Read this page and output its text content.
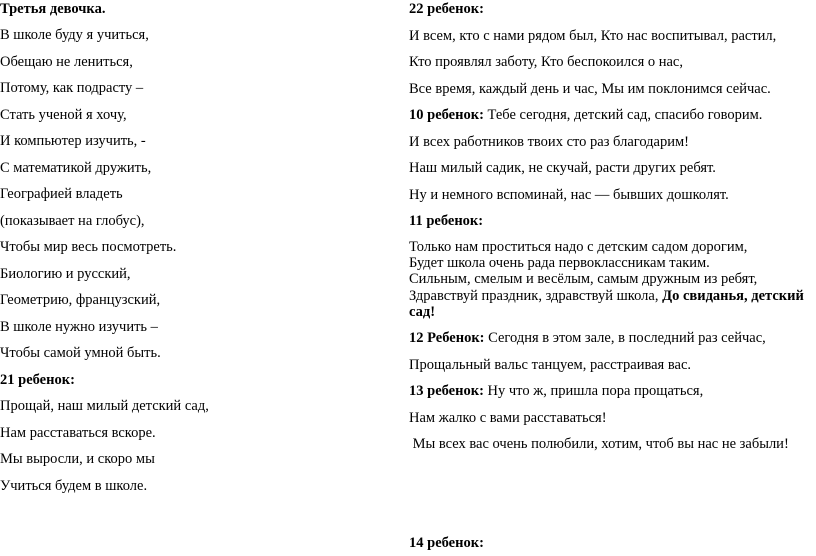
Третья девочка.
В школе буду я учиться,
Обещаю не лениться,
Потому, как подрасту –
Стать ученой я хочу,
И компьютер изучить, -
С математикой дружить,
Географией владеть
(показывает на глобус),
Чтобы мир весь посмотреть.
Биологию и русский,
Геометрию, французский,
В школе нужно изучить –
Чтобы самой умной быть.
21 ребенок:
Прощай, наш милый детский сад,
Нам расставаться вскоре.
Мы выросли, и скоро мы
Учиться будем в школе.
22 ребенок:
И всем, кто с нами рядом был, Кто нас воспитывал, растил,
Кто проявлял заботу, Кто беспокоился о нас,
Все время, каждый день и час, Мы им поклонимся сейчас.
10 ребенок: Тебе сегодня, детский сад, спасибо говорим.
И всех работников твоих сто раз благодарим!
Наш милый садик, не скучай, расти других ребят.
Ну и немного вспоминай, нас — бывших дошколят.
11 ребенок:
Только нам проститься надо с детским садом дорогим,
Будет школа очень рада первоклассникам таким.
Сильным, смелым и весёлым, самым дружным из ребят,
Здравствуй праздник, здравствуй школа, До свиданья, детский
сад!
12 Ребенок: Сегодня в этом зале, в последний раз сейчас,
Прощальный вальс танцуем, расстраивая вас.
13 ребенок: Ну что ж, пришла пора прощаться,
Нам жалко с вами расставаться!
Мы всех вас очень полюбили, хотим, чтоб вы нас не забыли!
14 ребенок:
